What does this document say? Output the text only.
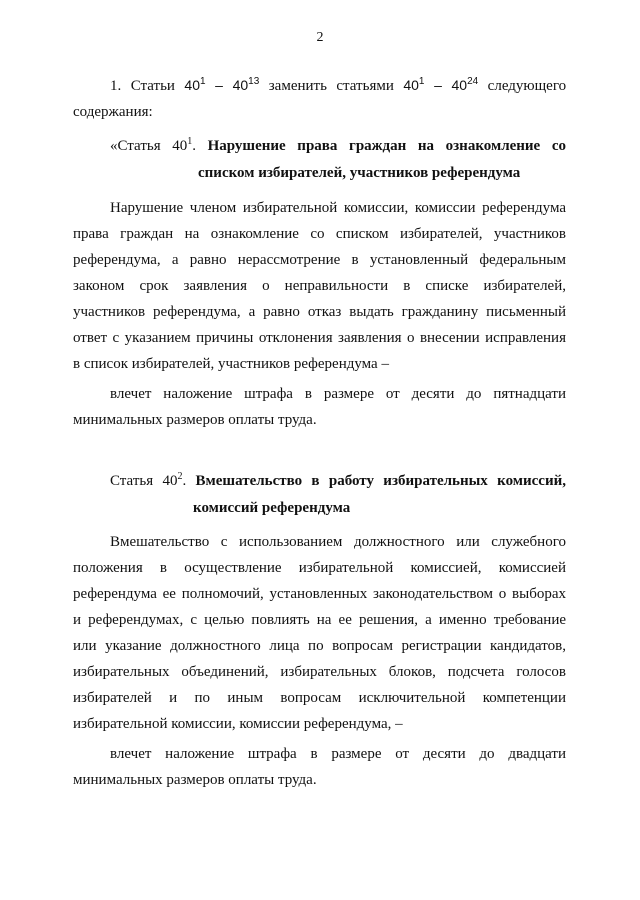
2
1. Статьи $40^1 - 40^{13}$ заменить статьями $40^1 - 40^{24}$ следующего
содержания:
«Статья $40^1$. Нарушение права граждан на ознакомление со
списком избирателей, участников референдума
Нарушение членом избирательной комиссии, комиссии референдума
права граждан на ознакомление со списком избирателей, участников
референдума, а равно нерассмотрение в установленный федеральным
законом срок заявления о неправильности в списке избирателей,
участников референдума, а равно отказ выдать гражданину письменный
ответ с указанием причины отклонения заявления о внесении исправления
в список избирателей, участников референдума –
влечет наложение штрафа в размере от десяти до пятнадцати
минимальных размеров оплаты труда.
Статья $40^2$. Вмешательство в работу избирательных комиссий,
комиссий референдума
Вмешательство с использованием должностного или служебного
положения в осуществление избирательной комиссией, комиссией
референдума ее полномочий, установленных законодательством о выборах
и референдумах, с целью повлиять на ее решения, а именно требование
или указание должностного лица по вопросам регистрации кандидатов,
избирательных объединений, избирательных блоков, подсчета голосов
избирателей и по иным вопросам исключительной компетенции
избирательной комиссии, комиссии референдума, –
влечет наложение штрафа в размере от десяти до двадцати
минимальных размеров оплаты труда.
